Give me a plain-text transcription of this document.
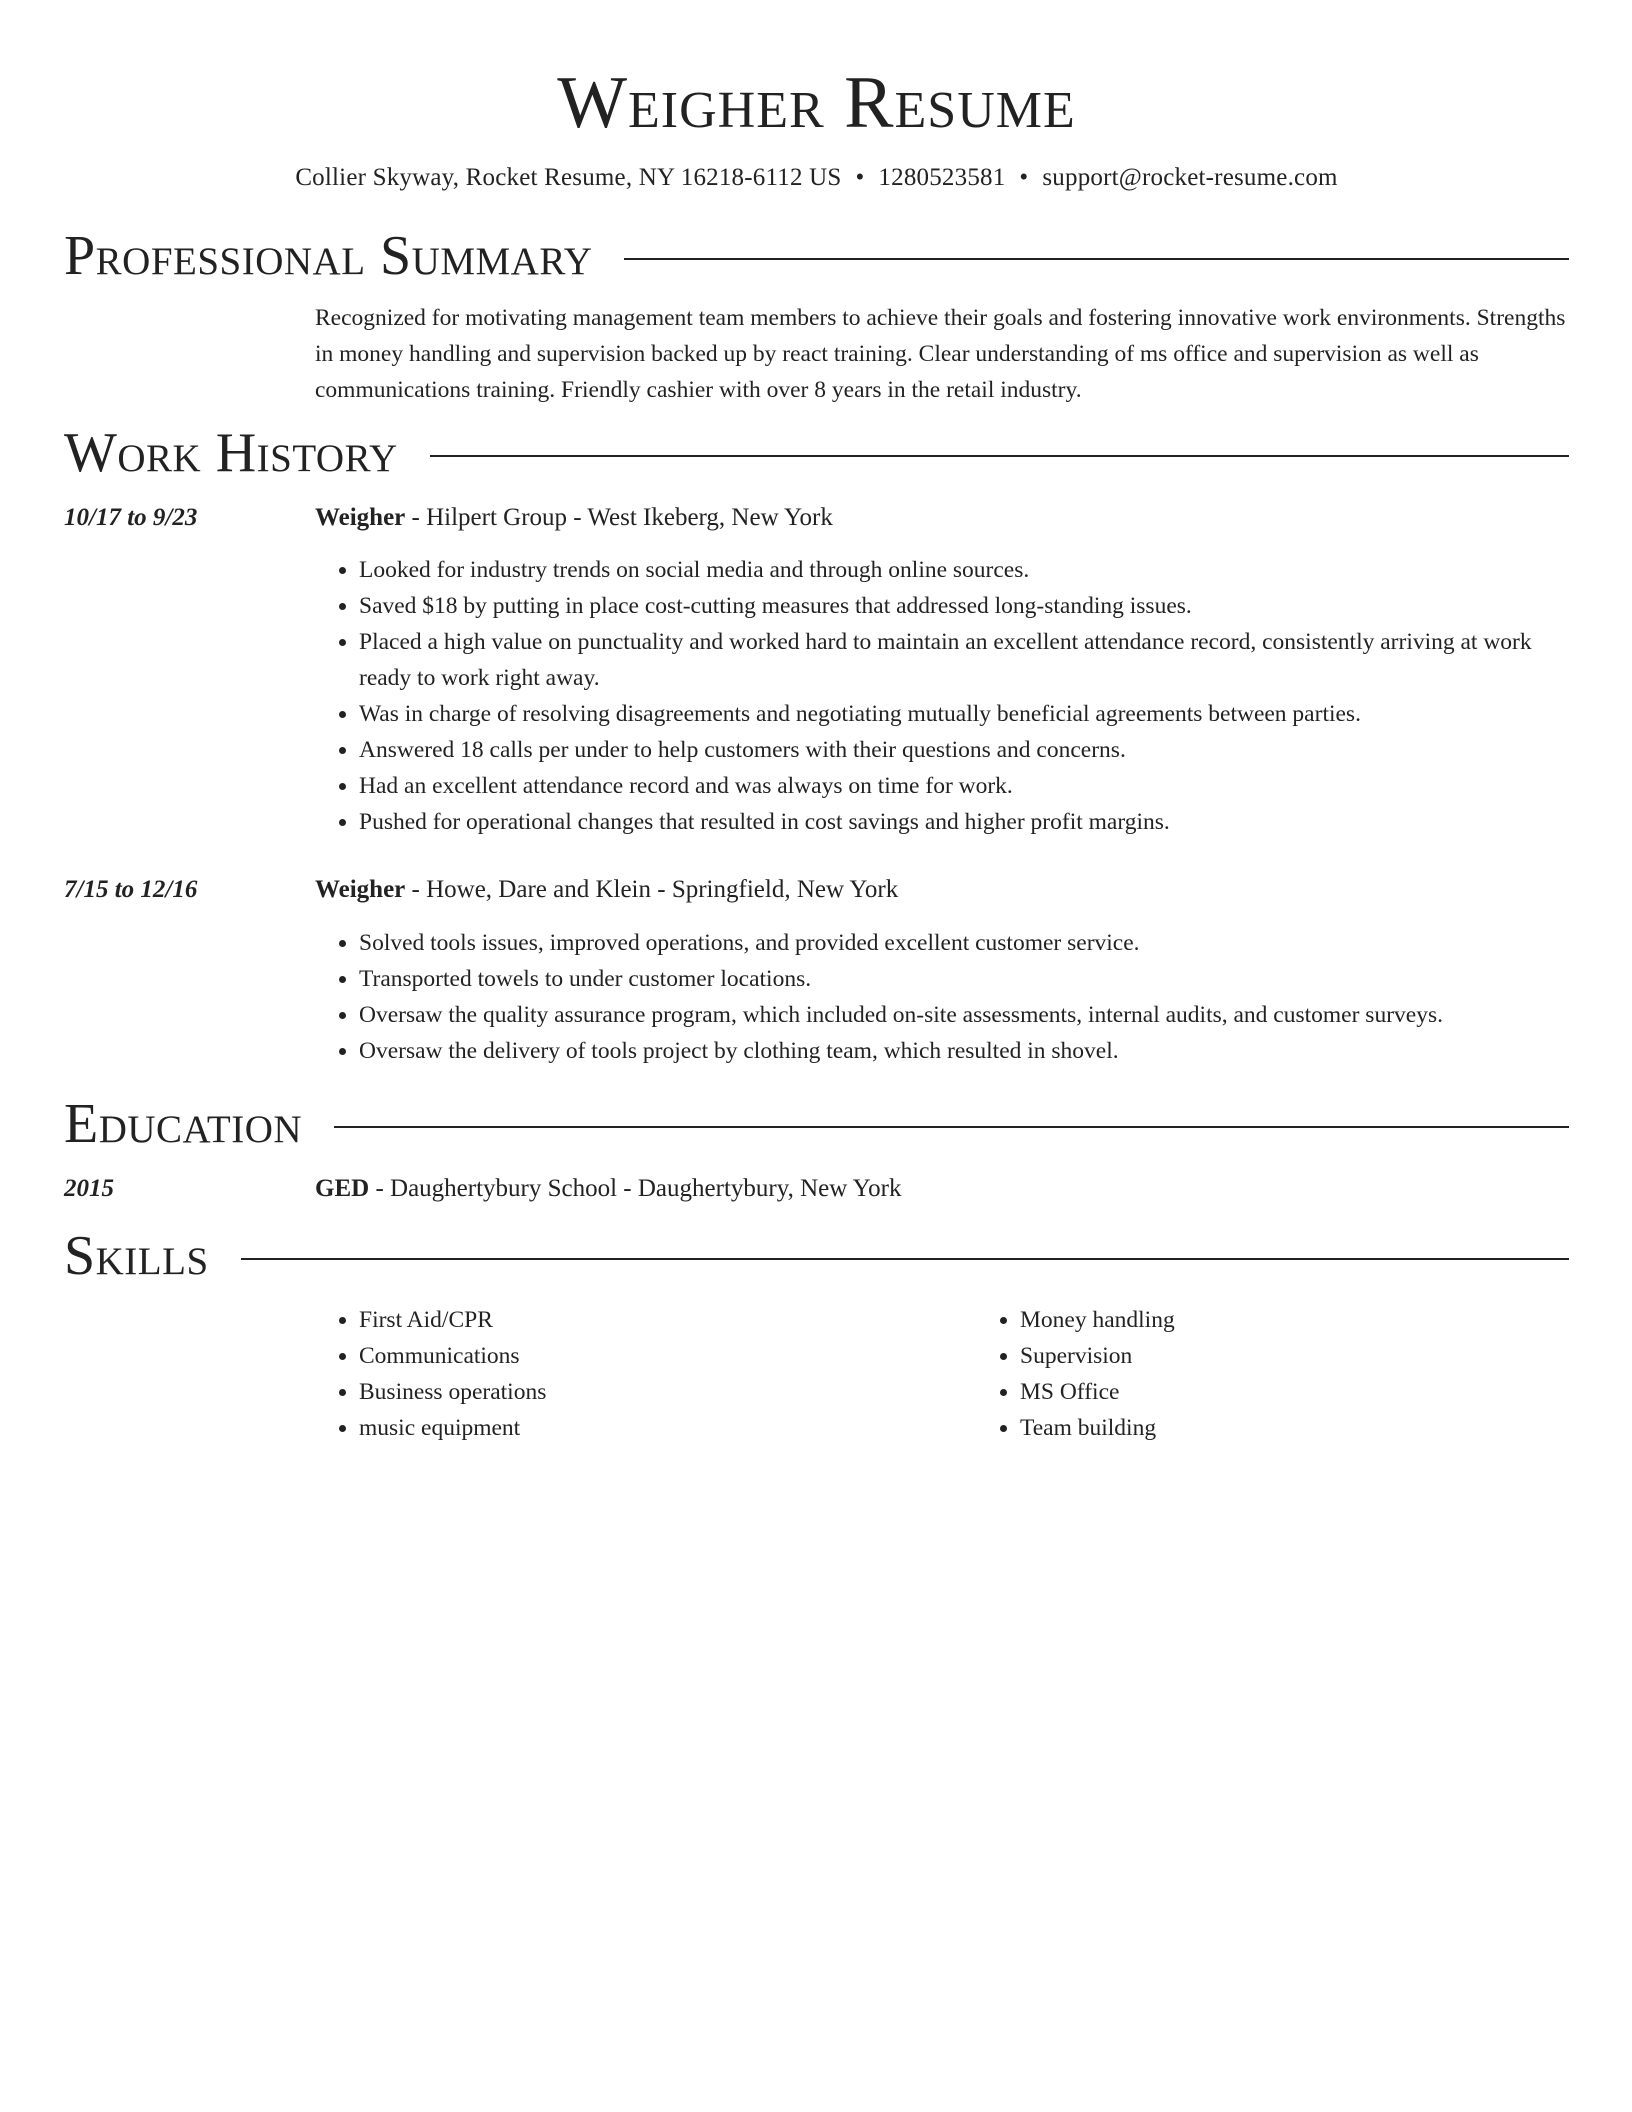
Weigher Resume
Collier Skyway, Rocket Resume, NY 16218-6112 US • 1280523581 • support@rocket-resume.com
Professional Summary

Recognized for motivating management team members to achieve their goals and fostering innovative work environments. Strengths in money handling and supervision backed up by react training. Clear understanding of ms office and supervision as well as communications training. Friendly cashier with over 8 years in the retail industry.

Work History
10/17 to 9/23	Weigher - Hilpert Group - West Ikeberg, New York
• Looked for industry trends on social media and through online sources.
• Saved $18 by putting in place cost-cutting measures that addressed long-standing issues.
• Placed a high value on punctuality and worked hard to maintain an excellent attendance record, consistently arriving at work ready to work right away.
• Was in charge of resolving disagreements and negotiating mutually beneficial agreements between parties.
• Answered 18 calls per under to help customers with their questions and concerns.
• Had an excellent attendance record and was always on time for work.
• Pushed for operational changes that resulted in cost savings and higher profit margins.
7/15 to 12/16	Weigher - Howe, Dare and Klein - Springfield, New York
• Solved tools issues, improved operations, and provided excellent customer service.
• Transported towels to under customer locations.
• Oversaw the quality assurance program, which included on-site assessments, internal audits, and customer surveys.
• Oversaw the delivery of tools project by clothing team, which resulted in shovel.
Education
2015	GED - Daughertybury School - Daughertybury, New York
Skills
• First Aid/CPR
• Communications
• Business operations
• music equipment
• Money handling
• Supervision
• MS Office
• Team building
